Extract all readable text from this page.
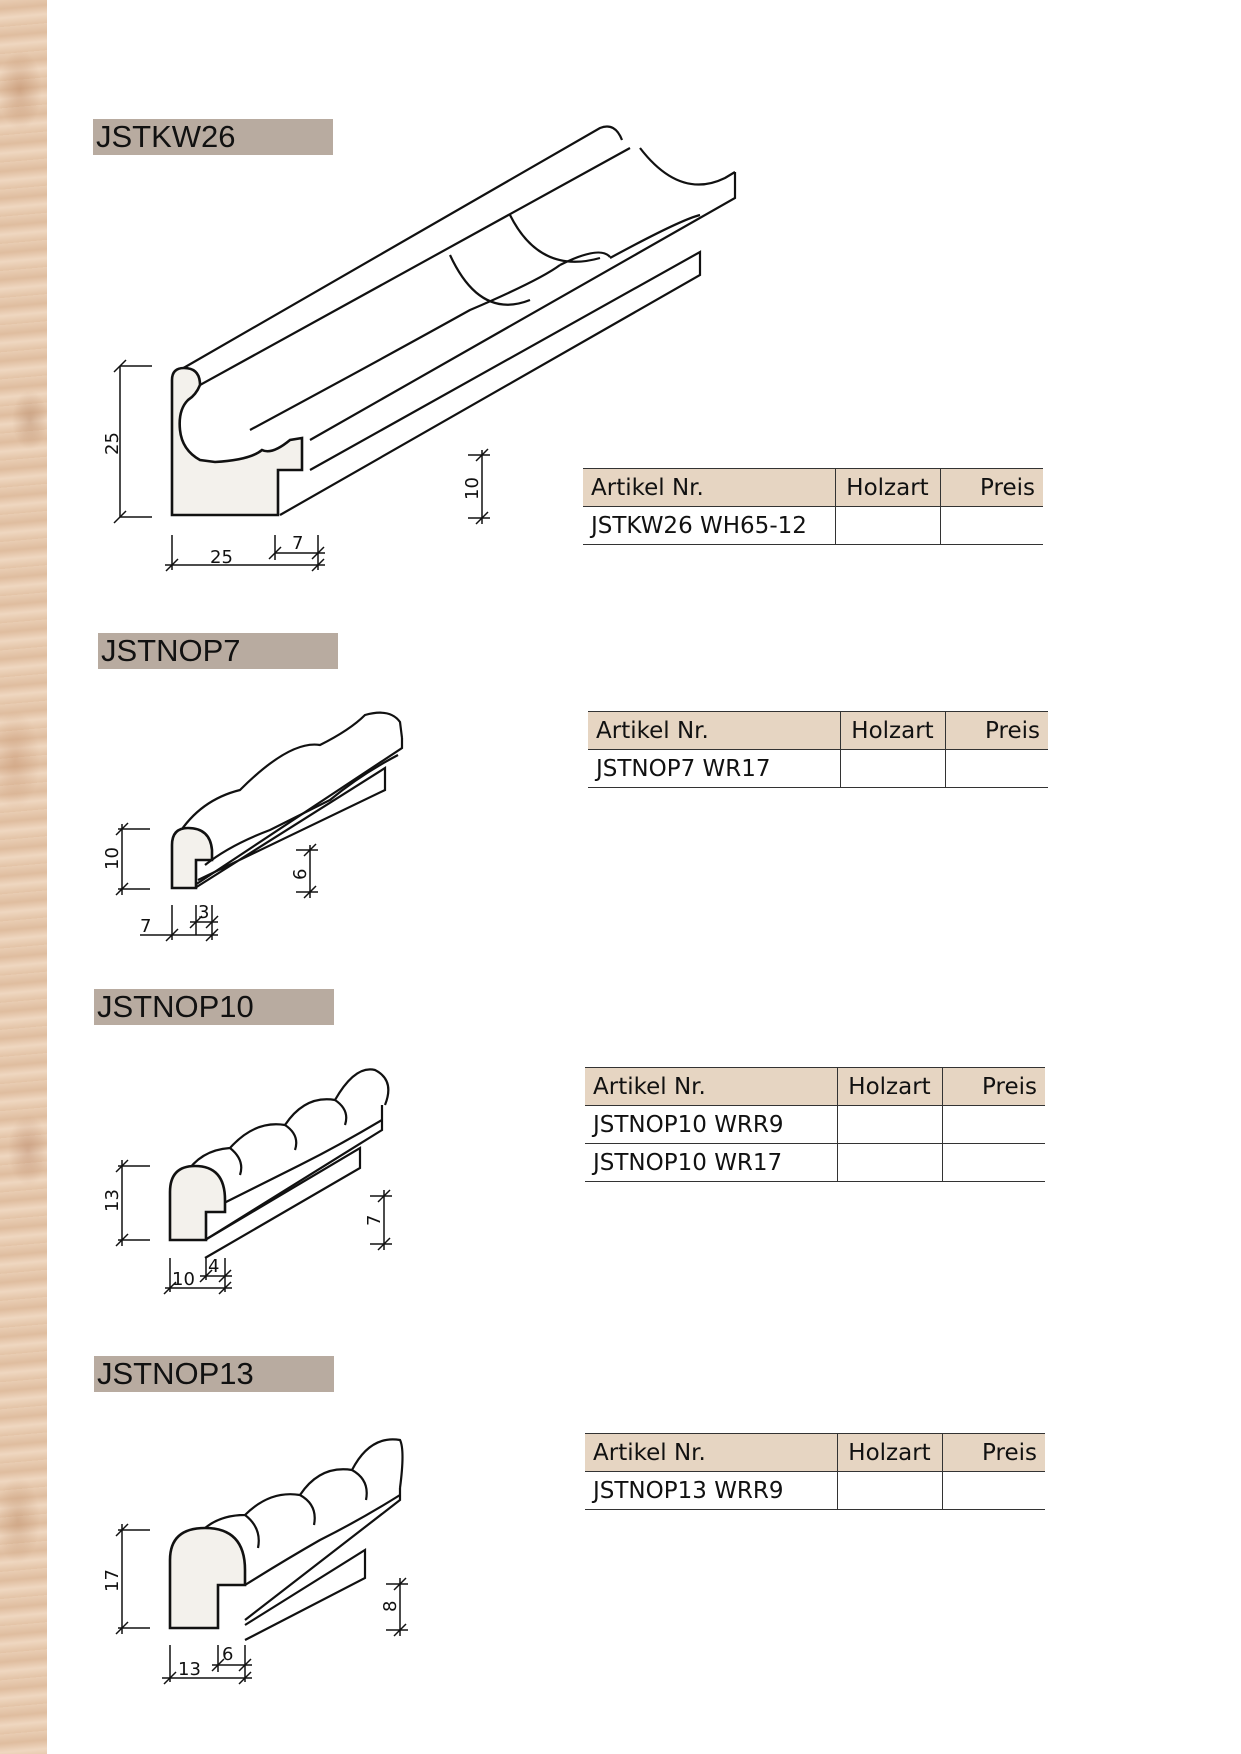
JSTKW26
25
25
7
10	Artikel Nr.	Holzart	Preis
JSTKW26 WH65-12		
JSTNOP7
10
7
3
6
Artikel Nr.	Holzart	Preis
JSTNOP7 WR17		
JSTNOP10
13
10
4
7
Artikel Nr.	Holzart	Preis
JSTNOP10 WRR9		
JSTNOP10 WR17		
JSTNOP13
17
13
6
8
Artikel Nr.	Holzart	Preis
JSTNOP13 WRR9		
